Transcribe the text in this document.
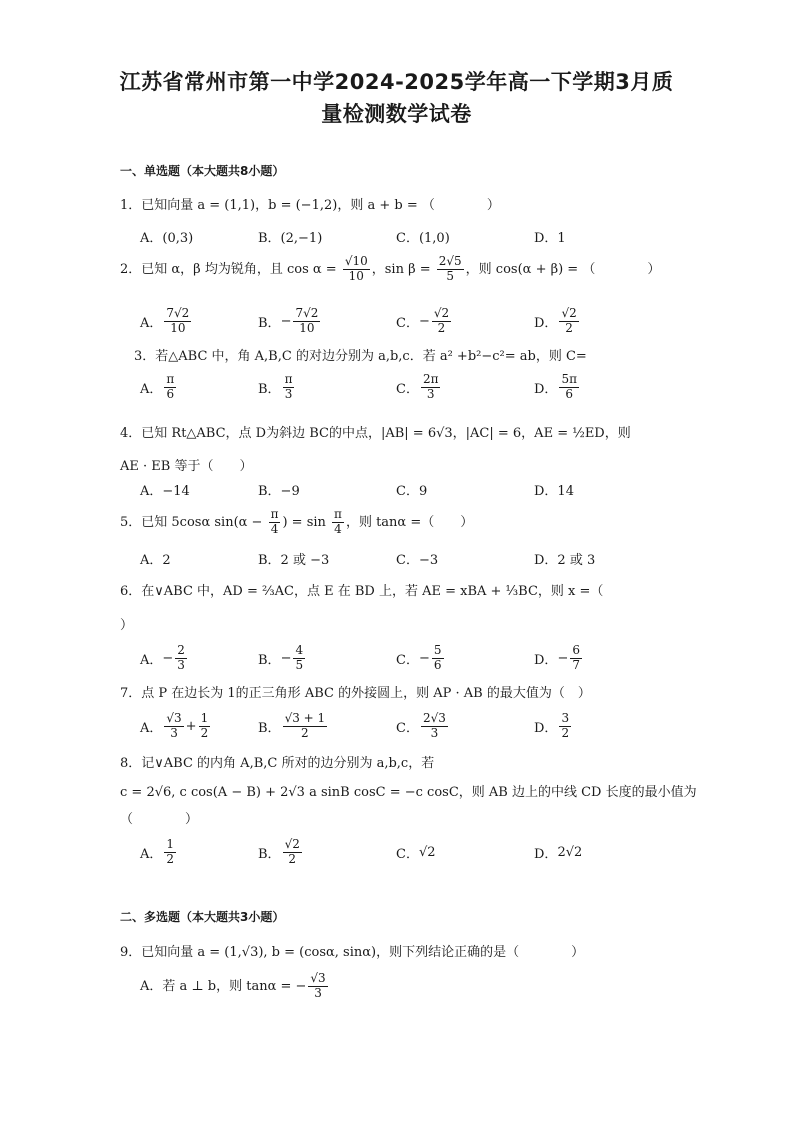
江苏省常州市第一中学2024-2025学年高一下学期3月质
量检测数学试卷
一、单选题（本大题共8小题）
1．已知向量 a = (1,1)，b = (−1,2)，则 a + b = （　　　　）
A．(0,3)	B．(2,−1)	C．(1,0)	D．1
2．已知 α，β 均为锐角，且 $\cos \alpha = \frac{√10}{10}$ ，$\sin \beta = \frac{2√5}{5}$ ，则 cos(α + β) = （　　　　）
A． $\frac{7√2}{10}$	B． − $\frac{7√2}{10}$	C． − $\frac{√2}{2}$	D． $\frac{√2}{2}$
3．若△ABC 中，角 A,B,C 的对边分别为 a,b,c．若 a² +b²−c²= ab，则 C=
A． $\frac{\pi}{6}$	B． $\frac{\pi}{3}$	C． $\frac{2\pi}{3}$	D． $\frac{5\pi}{6}$
4．已知 Rt△ABC，点 D为斜边 BC的中点，|AB| = 6√3，|AC| = 6，AE = ½ED，则
AE · EB 等于（　　）
A．−14	B．−9	C．9	D．14
5．已知 5cosα $\sin(\alpha - \frac{\pi}{4}$ ) = $\sin \frac{\pi}{4}$ ，则 tanα =（　　）
A．2	B．2 或 −3	C．−3	D．2 或 3
6．在∨ABC 中，AD = ⅔AC，点 E 在 BD 上，若 AE = xBA + ⅓BC，则 x =（
）
A． − $\frac{2}{3}$	B． − $\frac{4}{5}$	C． − $\frac{5}{6}$	D． − $\frac{6}{7}$
7．点 P 在边长为 1的正三角形 ABC 的外接圆上，则 AP · AB 的最大值为（　）
A． $\frac{√3}{3} + \frac{1}{2}$	B． $\frac{√3 + 1}{2}$	C． $\frac{2√3}{3}$	D． $\frac{3}{2}$
8．记∨ABC 的内角 A,B,C 所对的边分别为 a,b,c，若
c = 2√6, c cos(A − B) + 2√3 a sinB cosC = −c cosC，则 AB 边上的中线 CD 长度的最小值为
（　　　　）
A． $\frac{1}{2}$	B． $\frac{√2}{2}$	C． √2	D． 2√2
二、多选题（本大题共3小题）
9．已知向量 a = (1,√3), b = (cosα, sinα)，则下列结论正确的是（　　　　）
A．若 a ⊥ b，则 tanα = − $\frac{√3}{3}$
